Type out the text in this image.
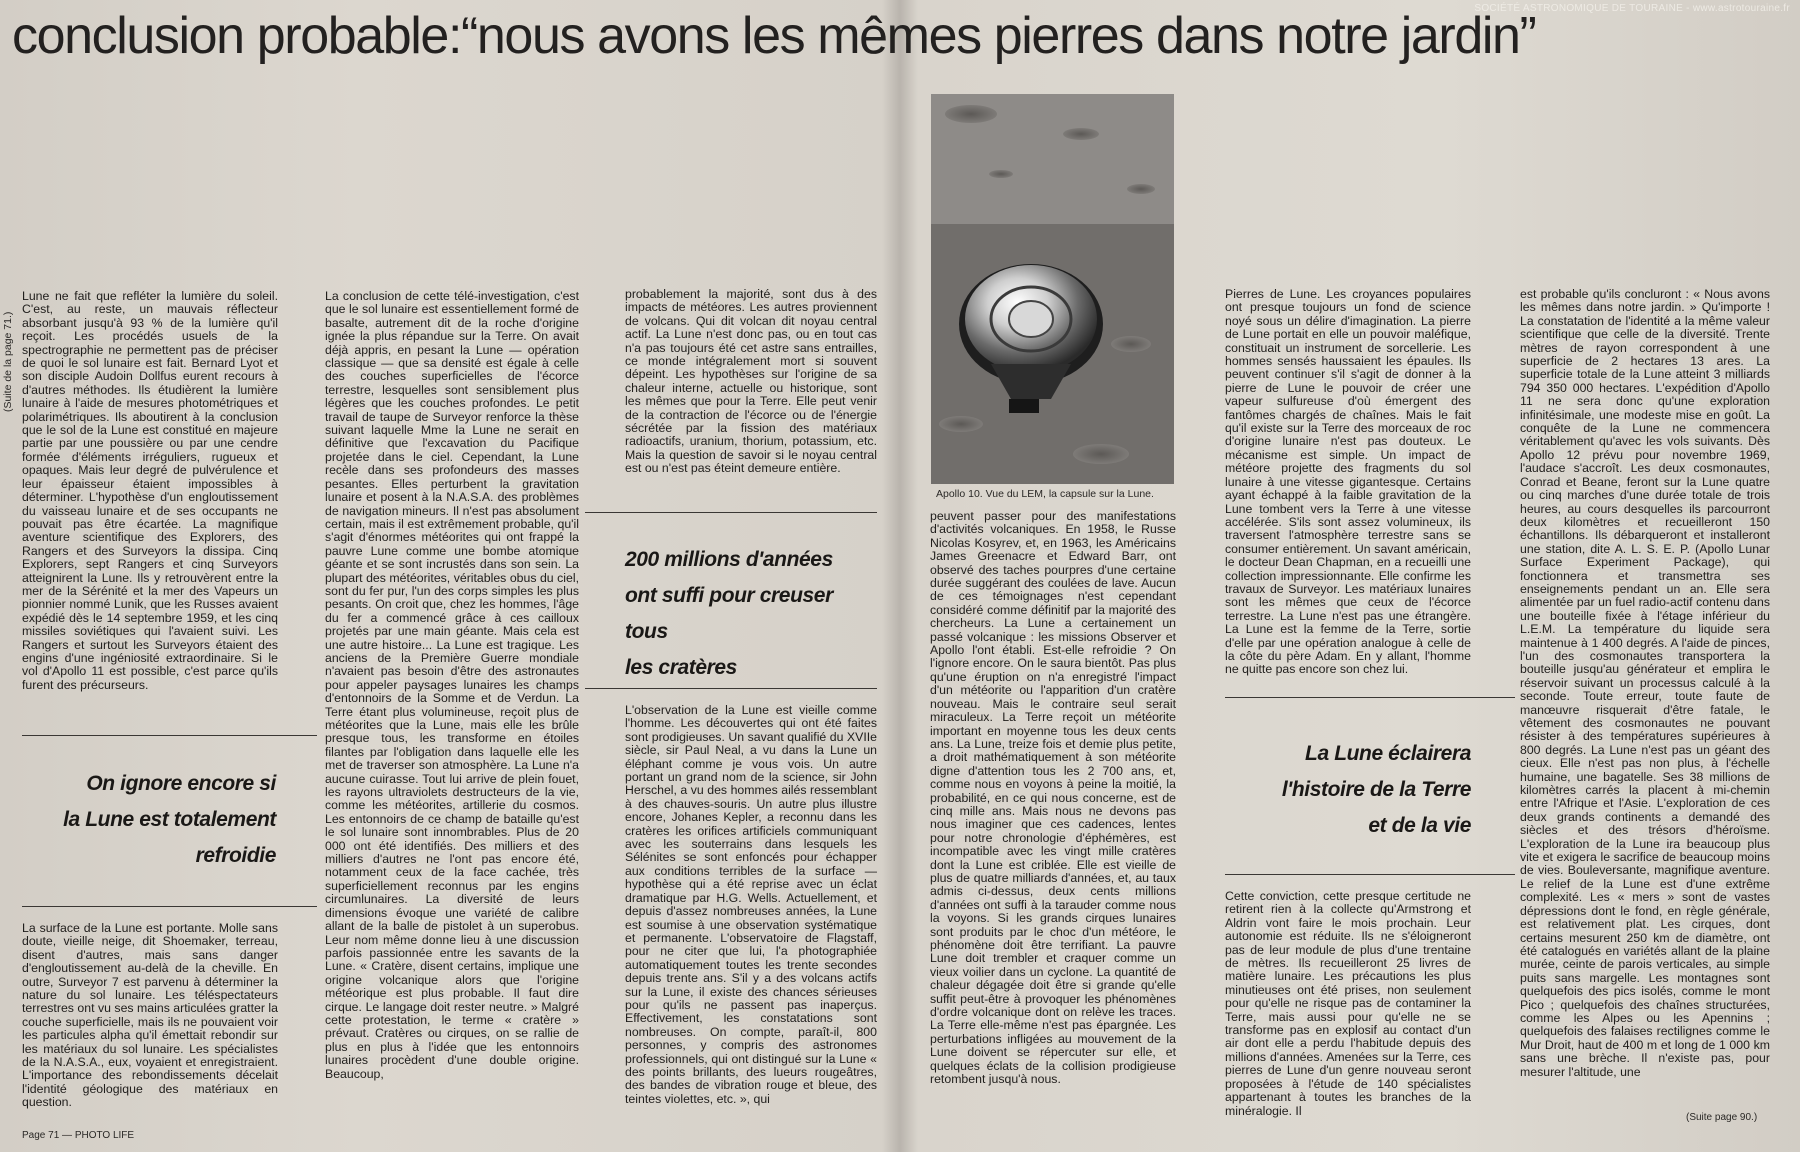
conclusion probable:“nous avons les mêmes pierres dans notre jardin”
SOCIÉTÉ ASTRONOMIQUE DE TOURAINE - www.astrotouraine.fr
(Suite de la page 71.)

Lune ne fait que refléter la lumière du soleil. C'est, au reste, un mauvais réflecteur absorbant jusqu'à 93 % de la lumière qu'il reçoit. Les procédés usuels de la spectrographie ne permettent pas de préciser de quoi le sol lunaire est fait. Bernard Lyot et son disciple Audoin Dollfus eurent recours à d'autres méthodes. Ils étudièrent la lumière lunaire à l'aide de mesures photométriques et polarimétriques. Ils aboutirent à la conclusion que le sol de la Lune est constitué en majeure partie par une poussière ou par une cendre formée d'éléments irréguliers, rugueux et opaques. Mais leur degré de pulvérulence et leur épaisseur étaient impossibles à déterminer. L'hypothèse d'un engloutissement du vaisseau lunaire et de ses occupants ne pouvait pas être écartée. La magnifique aventure scientifique des Explorers, des Rangers et des Surveyors la dissipa. Cinq Explorers, sept Rangers et cinq Surveyors atteignirent la Lune. Ils y retrouvèrent entre la mer de la Sérénité et la mer des Vapeurs un pionnier nommé Lunik, que les Russes avaient expédié dès le 14 septembre 1959, et les cinq missiles soviétiques qui l'avaient suivi. Les Rangers et surtout les Surveyors étaient des engins d'une ingéniosité extraordinaire. Si le vol d'Apollo 11 est possible, c'est parce qu'ils furent des précurseurs.

On ignore encore si
la Lune est totalement
refroidie

La surface de la Lune est portante. Molle sans doute, vieille neige, dit Shoemaker, terreau, disent d'autres, mais sans danger d'engloutissement au-delà de la cheville. En outre, Surveyor 7 est parvenu à déterminer la nature du sol lunaire. Les téléspectateurs terrestres ont vu ses mains articulées gratter la couche superficielle, mais ils ne pouvaient voir les particules alpha qu'il émettait rebondir sur les matériaux du sol lunaire. Les spécialistes de la N.A.S.A., eux, voyaient et enregistraient. L'importance des rebondissements décelait l'identité géologique des matériaux en question.

La conclusion de cette télé-investigation, c'est que le sol lunaire est essentiellement formé de basalte, autrement dit de la roche d'origine ignée la plus répandue sur la Terre. On avait déjà appris, en pesant la Lune — opération classique — que sa densité est égale à celle des couches superficielles de l'écorce terrestre, lesquelles sont sensiblement plus légères que les couches profondes. Le petit travail de taupe de Surveyor renforce la thèse suivant laquelle Mme la Lune ne serait en définitive que l'excavation du Pacifique projetée dans le ciel. Cependant, la Lune recèle dans ses profondeurs des masses pesantes. Elles perturbent la gravitation lunaire et posent à la N.A.S.A. des problèmes de navigation mineurs. Il n'est pas absolument certain, mais il est extrêmement probable, qu'il s'agit d'énormes météorites qui ont frappé la pauvre Lune comme une bombe atomique géante et se sont incrustés dans son sein. La plupart des météorites, véritables obus du ciel, sont du fer pur, l'un des corps simples les plus pesants. On croit que, chez les hommes, l'âge du fer a commencé grâce à ces cailloux projetés par une main géante. Mais cela est une autre histoire... La Lune est tragique. Les anciens de la Première Guerre mondiale n'avaient pas besoin d'être des astronautes pour appeler paysages lunaires les champs d'entonnoirs de la Somme et de Verdun. La Terre étant plus volumineuse, reçoit plus de météorites que la Lune, mais elle les brûle presque tous, les transforme en étoiles filantes par l'obligation dans laquelle elle les met de traverser son atmosphère. La Lune n'a aucune cuirasse. Tout lui arrive de plein fouet, les rayons ultraviolets destructeurs de la vie, comme les météorites, artillerie du cosmos. Les entonnoirs de ce champ de bataille qu'est le sol lunaire sont innombrables. Plus de 20 000 ont été identifiés. Des milliers et des milliers d'autres ne l'ont pas encore été, notamment ceux de la face cachée, très superficiellement reconnus par les engins circumlunaires. La diversité de leurs dimensions évoque une variété de calibre allant de la balle de pistolet à un superobus. Leur nom même donne lieu à une discussion parfois passionnée entre les savants de la Lune. « Cratère, disent certains, implique une origine volcanique alors que l'origine météorique est plus probable. Il faut dire cirque. Le langage doit rester neutre. » Malgré cette protestation, le terme « cratère » prévaut. Cratères ou cirques, on se rallie de plus en plus à l'idée que les entonnoirs lunaires procèdent d'une double origine. Beaucoup,

probablement la majorité, sont dus à des impacts de météores. Les autres proviennent de volcans. Qui dit volcan dit noyau central actif. La Lune n'est donc pas, ou en tout cas n'a pas toujours été cet astre sans entrailles, ce monde intégralement mort si souvent dépeint. Les hypothèses sur l'origine de sa chaleur interne, actuelle ou historique, sont les mêmes que pour la Terre. Elle peut venir de la contraction de l'écorce ou de l'énergie sécrétée par la fission des matériaux radioactifs, uranium, thorium, potassium, etc. Mais la question de savoir si le noyau central est ou n'est pas éteint demeure entière.

200 millions d'années
ont suffi pour creuser tous
les cratères

L'observation de la Lune est vieille comme l'homme. Les découvertes qui ont été faites sont prodigieuses. Un savant qualifié du XVIIe siècle, sir Paul Neal, a vu dans la Lune un éléphant comme je vous vois. Un autre portant un grand nom de la science, sir John Herschel, a vu des hommes ailés ressemblant à des chauves-souris. Un autre plus illustre encore, Johanes Kepler, a reconnu dans les cratères les orifices artificiels communiquant avec les souterrains dans lesquels les Sélénites se sont enfoncés pour échapper aux conditions terribles de la surface — hypothèse qui a été reprise avec un éclat dramatique par H.G. Wells. Actuellement, et depuis d'assez nombreuses années, la Lune est soumise à une observation systématique et permanente. L'observatoire de Flagstaff, pour ne citer que lui, l'a photographiée automatiquement toutes les trente secondes depuis trente ans. S'il y a des volcans actifs sur la Lune, il existe des chances sérieuses pour qu'ils ne passent pas inaperçus. Effectivement, les constatations sont nombreuses. On compte, paraît-il, 800 personnes, y compris des astronomes professionnels, qui ont distingué sur la Lune « des points brillants, des lueurs rougeâtres, des bandes de vibration rouge et bleue, des teintes violettes, etc. », qui

Apollo 10. Vue du LEM, la capsule sur la Lune.

peuvent passer pour des manifestations d'activités volcaniques. En 1958, le Russe Nicolas Kosyrev, et, en 1963, les Américains James Greenacre et Edward Barr, ont observé des taches pourpres d'une certaine durée suggérant des coulées de lave. Aucun de ces témoignages n'est cependant considéré comme définitif par la majorité des chercheurs. La Lune a certainement un passé volcanique : les missions Observer et Apollo l'ont établi. Est-elle refroidie ? On l'ignore encore. On le saura bientôt. Pas plus qu'une éruption on n'a enregistré l'impact d'un météorite ou l'apparition d'un cratère nouveau. Mais le contraire seul serait miraculeux. La Terre reçoit un météorite important en moyenne tous les deux cents ans. La Lune, treize fois et demie plus petite, a droit mathématiquement à son météorite digne d'attention tous les 2 700 ans, et, comme nous en voyons à peine la moitié, la probabilité, en ce qui nous concerne, est de cinq mille ans. Mais nous ne devons pas nous imaginer que ces cadences, lentes pour notre chronologie d'éphémères, est incompatible avec les vingt mille cratères dont la Lune est criblée. Elle est vieille de plus de quatre milliards d'années, et, au taux admis ci-dessus, deux cents millions d'années ont suffi à la tarauder comme nous la voyons. Si les grands cirques lunaires sont produits par le choc d'un météore, le phénomène doit être terrifiant. La pauvre Lune doit trembler et craquer comme un vieux voilier dans un cyclone. La quantité de chaleur dégagée doit être si grande qu'elle suffit peut-être à provoquer les phénomènes d'ordre volcanique dont on relève les traces. La Terre elle-même n'est pas épargnée. Les perturbations infligées au mouvement de la Lune doivent se répercuter sur elle, et quelques éclats de la collision prodigieuse retombent jusqu'à nous.

Pierres de Lune. Les croyances populaires ont presque toujours un fond de science noyé sous un délire d'imagination. La pierre de Lune portait en elle un pouvoir maléfique, constituait un instrument de sorcellerie. Les hommes sensés haussaient les épaules. Ils peuvent continuer s'il s'agit de donner à la pierre de Lune le pouvoir de créer une vapeur sulfureuse d'où émergent des fantômes chargés de chaînes. Mais le fait qu'il existe sur la Terre des morceaux de roc d'origine lunaire n'est pas douteux. Le mécanisme est simple. Un impact de météore projette des fragments du sol lunaire à une vitesse gigantesque. Certains ayant échappé à la faible gravitation de la Lune tombent vers la Terre à une vitesse accélérée. S'ils sont assez volumineux, ils traversent l'atmosphère terrestre sans se consumer entièrement. Un savant américain, le docteur Dean Chapman, en a recueilli une collection impressionnante. Elle confirme les travaux de Surveyor. Les matériaux lunaires sont les mêmes que ceux de l'écorce terrestre. La Lune n'est pas une étrangère. La Lune est la femme de la Terre, sortie d'elle par une opération analogue à celle de la côte du père Adam. En y allant, l'homme ne quitte pas encore son chez lui.

La Lune éclairera
l'histoire de la Terre
et de la vie

Cette conviction, cette presque certitude ne retirent rien à la collecte qu'Armstrong et Aldrin vont faire le mois prochain. Leur autonomie est réduite. Ils ne s'éloigneront pas de leur module de plus d'une trentaine de mètres. Ils recueilleront 25 livres de matière lunaire. Les précautions les plus minutieuses ont été prises, non seulement pour qu'elle ne risque pas de contaminer la Terre, mais aussi pour qu'elle ne se transforme pas en explosif au contact d'un air dont elle a perdu l'habitude depuis des millions d'années. Amenées sur la Terre, ces pierres de Lune d'un genre nouveau seront proposées à l'étude de 140 spécialistes appartenant à toutes les branches de la minéralogie. Il

est probable qu'ils concluront : « Nous avons les mêmes dans notre jardin. » Qu'importe ! La constatation de l'identité a la même valeur scientifique que celle de la diversité. Trente mètres de rayon correspondent à une superficie de 2 hectares 13 ares. La superficie totale de la Lune atteint 3 milliards 794 350 000 hectares. L'expédition d'Apollo 11 ne sera donc qu'une exploration infinitésimale, une modeste mise en goût. La conquête de la Lune ne commencera véritablement qu'avec les vols suivants. Dès Apollo 12 prévu pour novembre 1969, l'audace s'accroît. Les deux cosmonautes, Conrad et Beane, feront sur la Lune quatre ou cinq marches d'une durée totale de trois heures, au cours desquelles ils parcourront deux kilomètres et recueilleront 150 échantillons. Ils débarqueront et installeront une station, dite A. L. S. E. P. (Apollo Lunar Surface Experiment Package), qui fonctionnera et transmettra ses enseignements pendant un an. Elle sera alimentée par un fuel radio-actif contenu dans une bouteille fixée à l'étage inférieur du L.E.M. La température du liquide sera maintenue à 1 400 degrés. A l'aide de pinces, l'un des cosmonautes transportera la bouteille jusqu'au générateur et emplira le réservoir suivant un processus calculé à la seconde. Toute erreur, toute faute de manœuvre risquerait d'être fatale, le vêtement des cosmonautes ne pouvant résister à des températures supérieures à 800 degrés. La Lune n'est pas un géant des cieux. Elle n'est pas non plus, à l'échelle humaine, une bagatelle. Ses 38 millions de kilomètres carrés la placent à mi-chemin entre l'Afrique et l'Asie. L'exploration de ces deux grands continents a demandé des siècles et des trésors d'héroïsme. L'exploration de la Lune ira beaucoup plus vite et exigera le sacrifice de beaucoup moins de vies. Bouleversante, magnifique aventure. Le relief de la Lune est d'une extrême complexité. Les « mers » sont de vastes dépressions dont le fond, en règle générale, est relativement plat. Les cirques, dont certains mesurent 250 km de diamètre, ont été catalogués en variétés allant de la plaine murée, ceinte de parois verticales, au simple puits sans margelle. Les montagnes sont quelquefois des pics isolés, comme le mont Pico ; quelquefois des chaînes structurées, comme les Alpes ou les Apennins ; quelquefois des falaises rectilignes comme le Mur Droit, haut de 400 m et long de 1 000 km sans une brèche. Il n'existe pas, pour mesurer l'altitude, une

Page 71 — PHOTO LIFE
(Suite page 90.)
